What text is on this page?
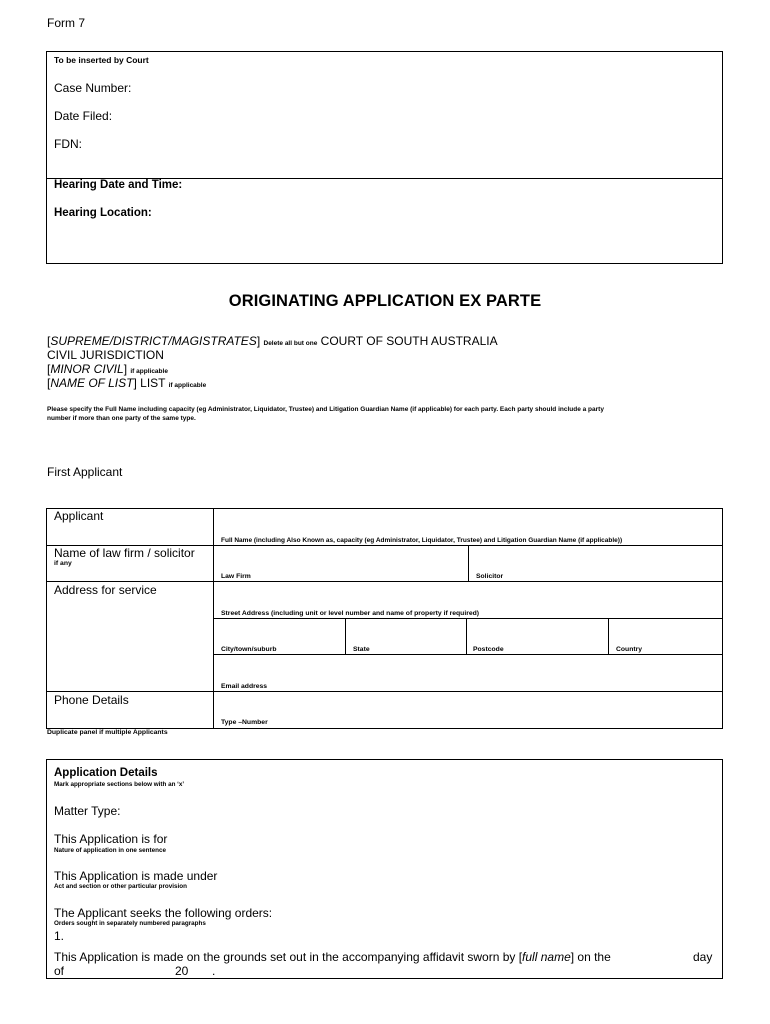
Form 7
To be inserted by Court
Case Number:
Date Filed:
FDN:
Hearing Date and Time:
Hearing Location:
ORIGINATING APPLICATION EX PARTE
[SUPREME/DISTRICT/MAGISTRATES] Delete all but one COURT OF SOUTH AUSTRALIA
CIVIL JURISDICTION
[MINOR CIVIL] if applicable
[NAME OF LIST] LIST if applicable
Please specify the Full Name including capacity (eg Administrator, Liquidator, Trustee) and Litigation Guardian Name (if applicable) for each party. Each party should include a party
number if more than one party of the same type.
First Applicant
Applicant
Full Name (including Also Known as, capacity (eg Administrator, Liquidator, Trustee) and Litigation Guardian Name (if applicable))
Name of law firm / solicitor
if any
Law Firm	Solicitor
Address for service
Street Address (including unit or level number and name of property if required)
City/town/suburb	State	Postcode	Country
Email address
Phone Details
Type –Number
Duplicate panel if multiple Applicants
Application Details
Mark appropriate sections below with an ‘x’
Matter Type:
This Application is for
Nature of application in one sentence
This Application is made under
Act and section or other particular provision
The Applicant seeks the following orders:
Orders sought in separately numbered paragraphs
1.
This Application is made on the grounds set out in the accompanying affidavit sworn by [full name] on the	day
of	20 .
